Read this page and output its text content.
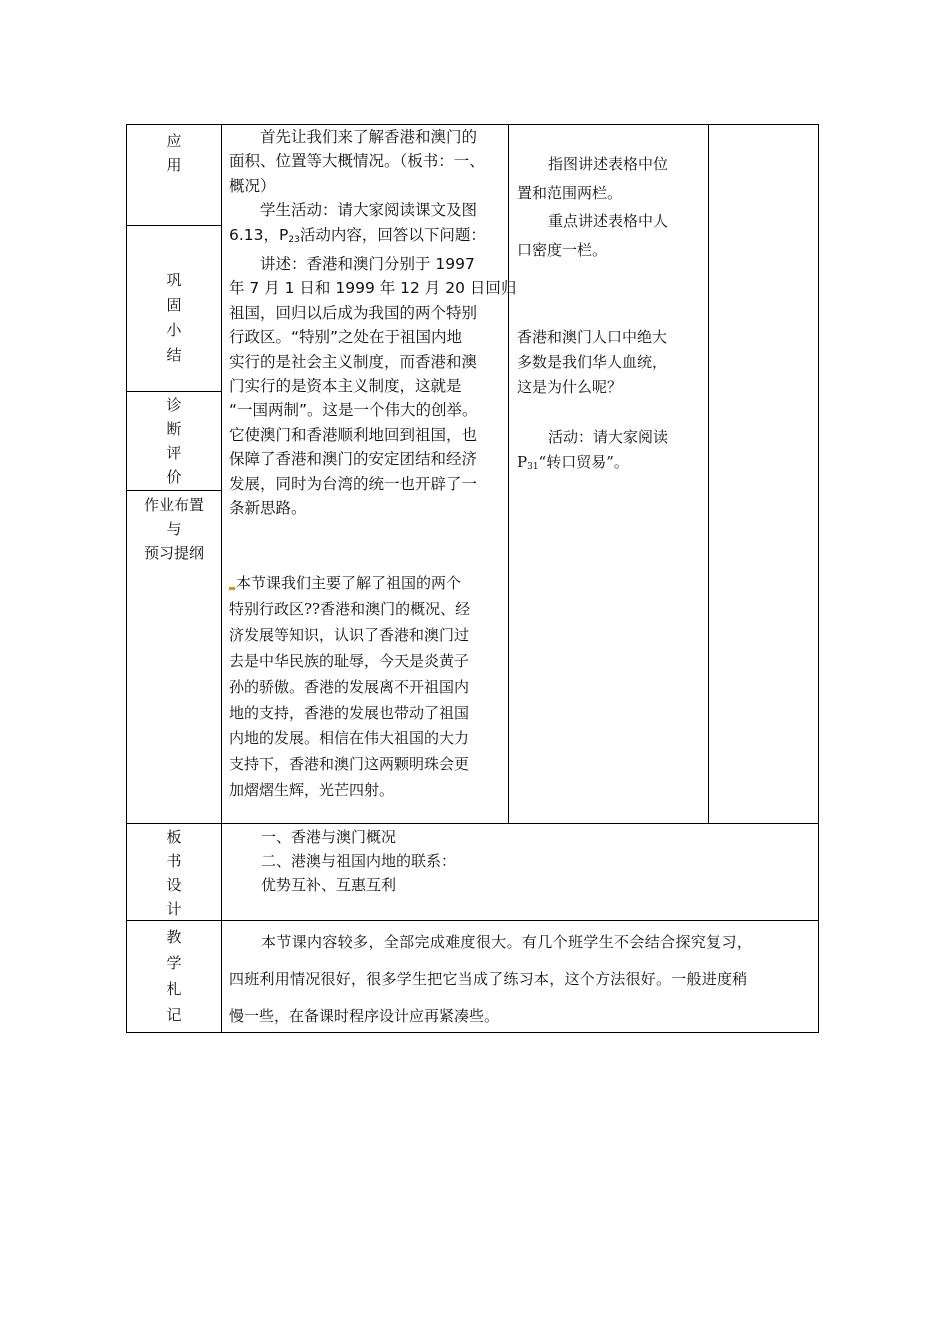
应
用
巩
固
小
结
诊
断
评
价
作业布置
与
预习提纲
板
书
设
计
教
学
札
记
首先让我们来了解香港和澳门的
面积、位置等大概情况。（板书：一、
概况）
学生活动：请大家阅读课文及图
6.13，$P_{23}$活动内容，回答以下问题：
讲述：香港和澳门分别于 1997
年 7 月 1 日和 1999 年 12 月 20 日回归
祖国，回归以后成为我国的两个特别
行政区。“特别”之处在于祖国内地
实行的是社会主义制度，而香港和澳
门实行的是资本主义制度，这就是
“一国两制”。这是一个伟大的创举。
它使澳门和香港顺利地回到祖国，也
保障了香港和澳门的安定团结和经济
发展，同时为台湾的统一也开辟了一
条新思路。
本节课我们主要了解了祖国的两个
特别行政区??香港和澳门的概况、经
济发展等知识，认识了香港和澳门过
去是中华民族的耻辱，今天是炎黄子
孙的骄傲。香港的发展离不开祖国内
地的支持，香港的发展也带动了祖国
内地的发展。相信在伟大祖国的大力
支持下，香港和澳门这两颗明珠会更
加熠熠生辉，光芒四射。
指图讲述表格中位
置和范围两栏。
重点讲述表格中人
口密度一栏。
香港和澳门人口中绝大
多数是我们华人血统，
这是为什么呢？
活动：请大家阅读
$P_{31}“$转口贸易”。
一、香港与澳门概况
二、港澳与祖国内地的联系：
优势互补、互惠互利
本节课内容较多，全部完成难度很大。有几个班学生不会结合探究复习，
四班利用情况很好，很多学生把它当成了练习本，这个方法很好。一般进度稍
慢一些，在备课时程序设计应再紧凑些。
